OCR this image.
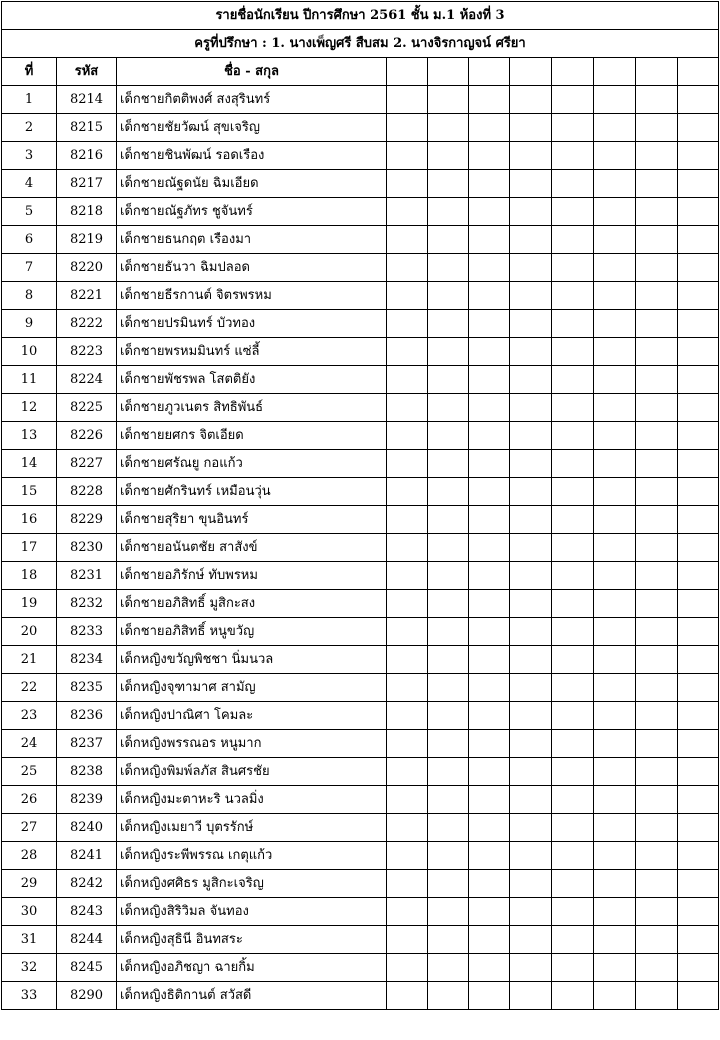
รายชื่อนักเรียน ปีการศึกษา 2561 ชั้น ม.1 ห้องที่ 3										
ครูที่ปรึกษา : 1. นางเพ็ญศรี สืบสม 2. นางจิรกาญจน์ ศรียา										
ที่	รหัส	ชื่อ - สกุล								
1	8214	เด็กชายกิตติพงศ์ สงสุรินทร์								
2	8215	เด็กชายชัยวัฒน์ สุขเจริญ								
3	8216	เด็กชายชินพัฒน์ รอดเรือง								
4	8217	เด็กชายณัฐดนัย ฉิมเอียด								
5	8218	เด็กชายณัฐภัทร ชูจันทร์								
6	8219	เด็กชายธนกฤต เรืองมา								
7	8220	เด็กชายธันวา ฉิมปลอด								
8	8221	เด็กชายธีรกานต์ จิตรพรหม								
9	8222	เด็กชายปรมินทร์ บัวทอง								
10	8223	เด็กชายพรหมมินทร์ แซ่ลี้								
11	8224	เด็กชายพัชรพล โสตติยัง								
12	8225	เด็กชายภูวเนตร สิทธิพันธ์								
13	8226	เด็กชายยศกร จิตเอียด								
14	8227	เด็กชายศรัณยู กอแก้ว								
15	8228	เด็กชายศักรินทร์ เหมือนวุ่น								
16	8229	เด็กชายสุริยา ขุนอินทร์								
17	8230	เด็กชายอนันตชัย สาสังข์								
18	8231	เด็กชายอภิรักษ์ ทับพรหม								
19	8232	เด็กชายอภิสิทธิ์ มูสิกะสง								
20	8233	เด็กชายอภิสิทธิ์ หนูขวัญ								
21	8234	เด็กหญิงขวัญพิชชา นิ่มนวล								
22	8235	เด็กหญิงจุฑามาศ สามัญ								
23	8236	เด็กหญิงปาณิศา โคมละ								
24	8237	เด็กหญิงพรรณอร หนูมาก								
25	8238	เด็กหญิงพิมพ์ลภัส สินศรชัย								
26	8239	เด็กหญิงมะตาหะริ นวลมิ่ง								
27	8240	เด็กหญิงเมยาวี บุตรรักษ์								
28	8241	เด็กหญิงระพีพรรณ เกตุแก้ว								
29	8242	เด็กหญิงศศิธร มูสิกะเจริญ								
30	8243	เด็กหญิงสิริวิมล จันทอง								
31	8244	เด็กหญิงสุธินี อินทสระ								
32	8245	เด็กหญิงอภิชญา ฉายกิ้ม								
33	8290	เด็กหญิงธิติกานต์ สวัสดี								
